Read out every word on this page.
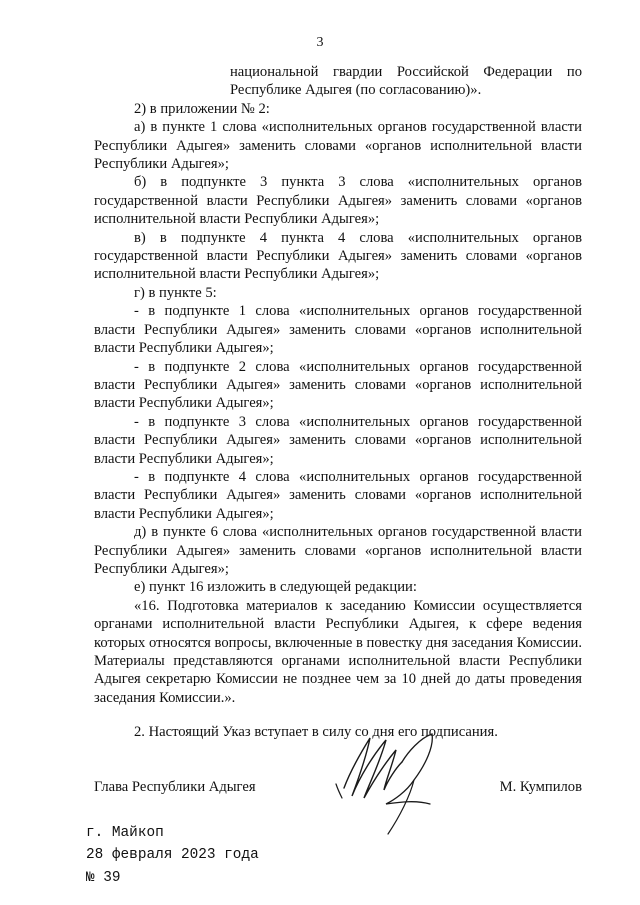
3

национальной гвардии Российской Федерации по Республике Адыгея (по согласованию)».

2) в приложении № 2:

а) в пункте 1 слова «исполнительных органов государственной власти Республики Адыгея» заменить словами «органов исполнительной власти Республики Адыгея»;

б) в подпункте 3 пункта 3 слова «исполнительных органов государственной власти Республики Адыгея» заменить словами «органов исполнительной власти Республики Адыгея»;

в) в подпункте 4 пункта 4 слова «исполнительных органов государственной власти Республики Адыгея» заменить словами «органов исполнительной власти Республики Адыгея»;

г) в пункте 5:

- в подпункте 1 слова «исполнительных органов государственной власти Республики Адыгея» заменить словами «органов исполнительной власти Республики Адыгея»;

- в подпункте 2 слова «исполнительных органов государственной власти Республики Адыгея» заменить словами «органов исполнительной власти Республики Адыгея»;

- в подпункте 3 слова «исполнительных органов государственной власти Республики Адыгея» заменить словами «органов исполнительной власти Республики Адыгея»;

- в подпункте 4 слова «исполнительных органов государственной власти Республики Адыгея» заменить словами «органов исполнительной власти Республики Адыгея»;

д) в пункте 6 слова «исполнительных органов государственной власти Республики Адыгея» заменить словами «органов исполнительной власти Республики Адыгея»;

е) пункт 16 изложить в следующей редакции:

«16. Подготовка материалов к заседанию Комиссии осуществляется органами исполнительной власти Республики Адыгея, к сфере ведения которых относятся вопросы, включенные в повестку дня заседания Комиссии. Материалы представляются органами исполнительной власти Республики Адыгея секретарю Комиссии не позднее чем за 10 дней до даты проведения заседания Комиссии.».

2. Настоящий Указ вступает в силу со дня его подписания.

Глава Республики Адыгея	М. Кумпилов
г. Майкоп
28 февраля 2023 года
№ 39
